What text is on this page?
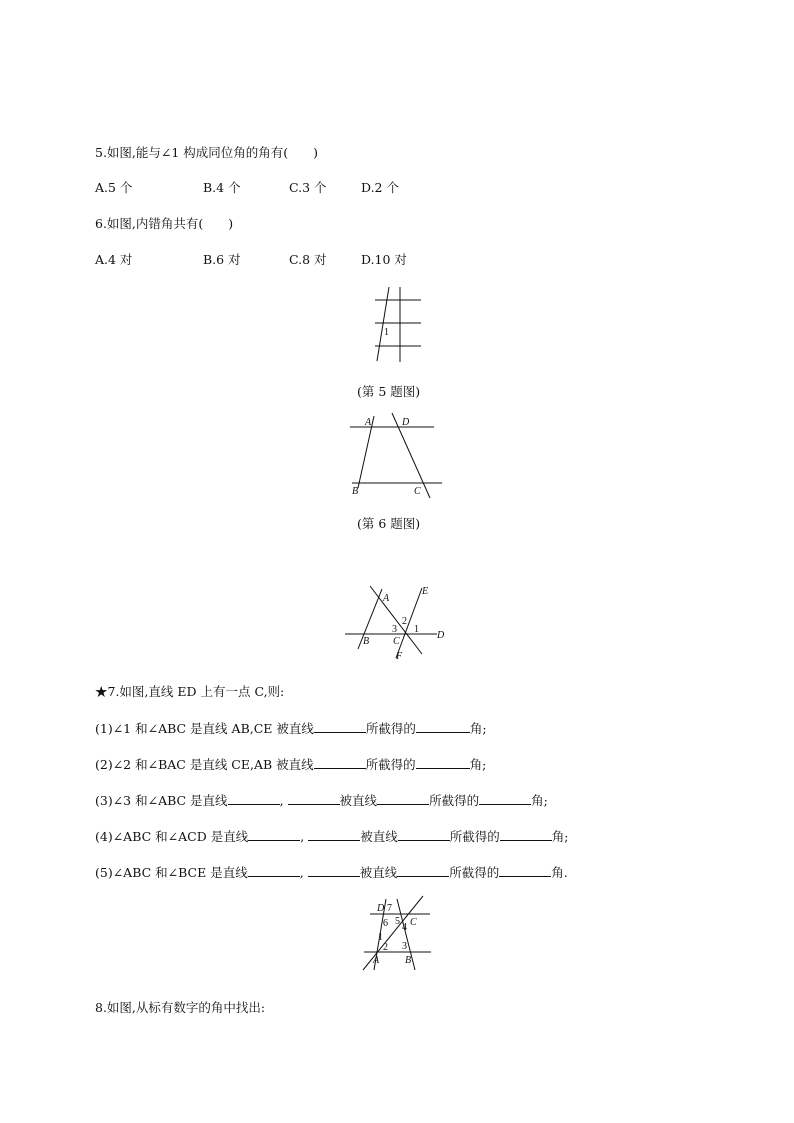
5.如图,能与∠1 构成同位角的角有(　　)
A.5 个	B.4 个	C.3 个	D.2 个
6.如图,内错角共有(　　)
A.4 对	B.6 对	C.8 对	D.10 对
1
(第 5 题图)
A	D
B	C
(第 6 题图)
E
A
2
3 1
D
B C
F
★7.如图,直线 ED 上有一点 C,则:
(1)∠1 和∠ABC 是直线 AB,CE 被直线	所截得的	角;
(2)∠2 和∠BAC 是直线 CE,AB 被直线	所截得的	角;
(3)∠3 和∠ABC 是直线	,	被直线	所截得的	角;
(4)∠ABC 和∠ACD 是直线	,	被直线	所截得的	角;
(5)∠ABC 和∠BCE 是直线	,	被直线	所截得的	角.
D 7
5
6 4 C
1
2 3
A	B
8.如图,从标有数字的角中找出:
